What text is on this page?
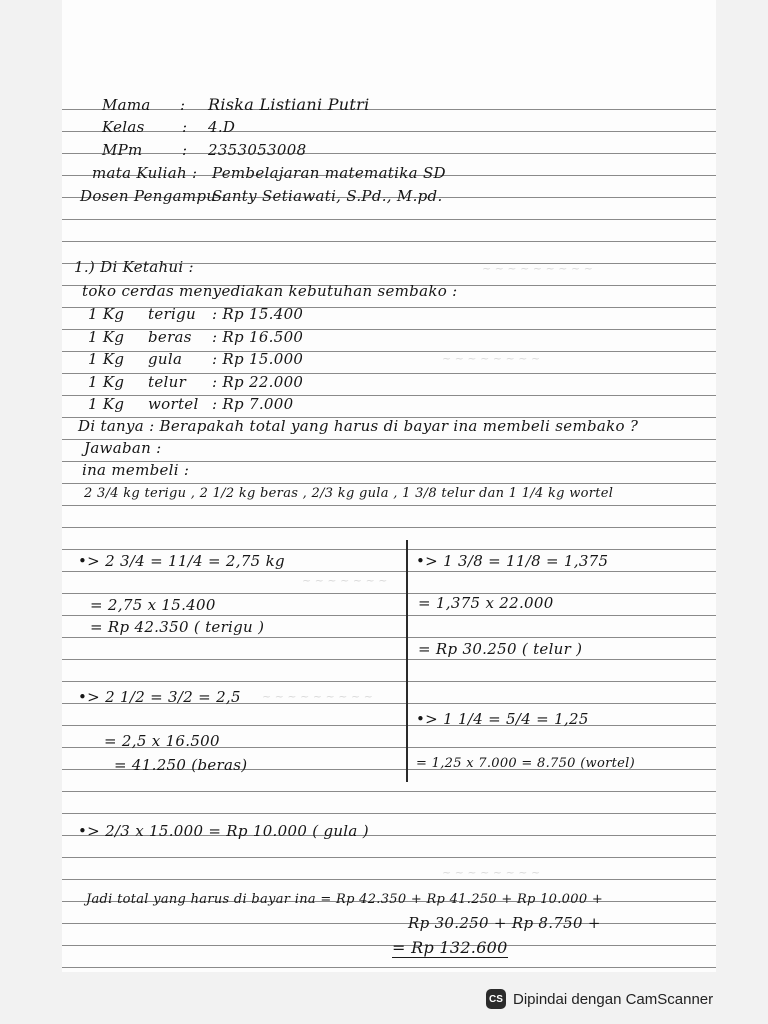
Mama : Riska Listiani Putri
Kelas : 4.D
MPm	: 2353053008
mata Kuliah : Pembelajaran matematika SD
Dosen Pengampu :
Santy Setiawati, S.Pd., M.pd.
1.) Di Ketahui :
toko cerdas menyediakan kebutuhan sembako :
1 Kg terigu : Rp 15.400
1 Kg beras : Rp 16.500
1 Kg gula : Rp 15.000
1 Kg telur : Rp 22.000
1 Kg wortel : Rp 7.000
Di tanya : Berapakah total yang harus di bayar ina membeli sembako ?
Jawaban :
ina membeli :
2 3/4 kg terigu , 2 1/2 kg beras , 2/3 kg gula , 1 3/8 telur dan 1 1/4 kg wortel
•> 2 3/4 = 11/4 = 2,75 kg
= 2,75 x 15.400
= Rp 42.350 ( terigu )
•> 2 1/2 = 3/2 = 2,5
= 2,5 x 16.500
= 41.250 (beras)
•> 1 3/8 = 11/8 = 1,375
= 1,375 x 22.000
= Rp 30.250 ( telur )
•> 1 1/4 = 5/4 = 1,25
= 1,25 x 7.000 = 8.750 (wortel)
•> 2/3 x 15.000 = Rp 10.000 ( gula )
Jadi total yang harus di bayar ina = Rp 42.350 + Rp 41.250 + Rp 10.000 +
Rp 30.250 + Rp 8.750 +
= Rp 132.600
~ ~ ~ ~ ~ ~ ~ ~ ~
~ ~ ~ ~ ~ ~ ~ ~
~ ~ ~ ~ ~ ~ ~
~ ~ ~ ~ ~ ~ ~ ~ ~
~ ~ ~ ~ ~ ~ ~ ~
CS Dipindai dengan CamScanner
